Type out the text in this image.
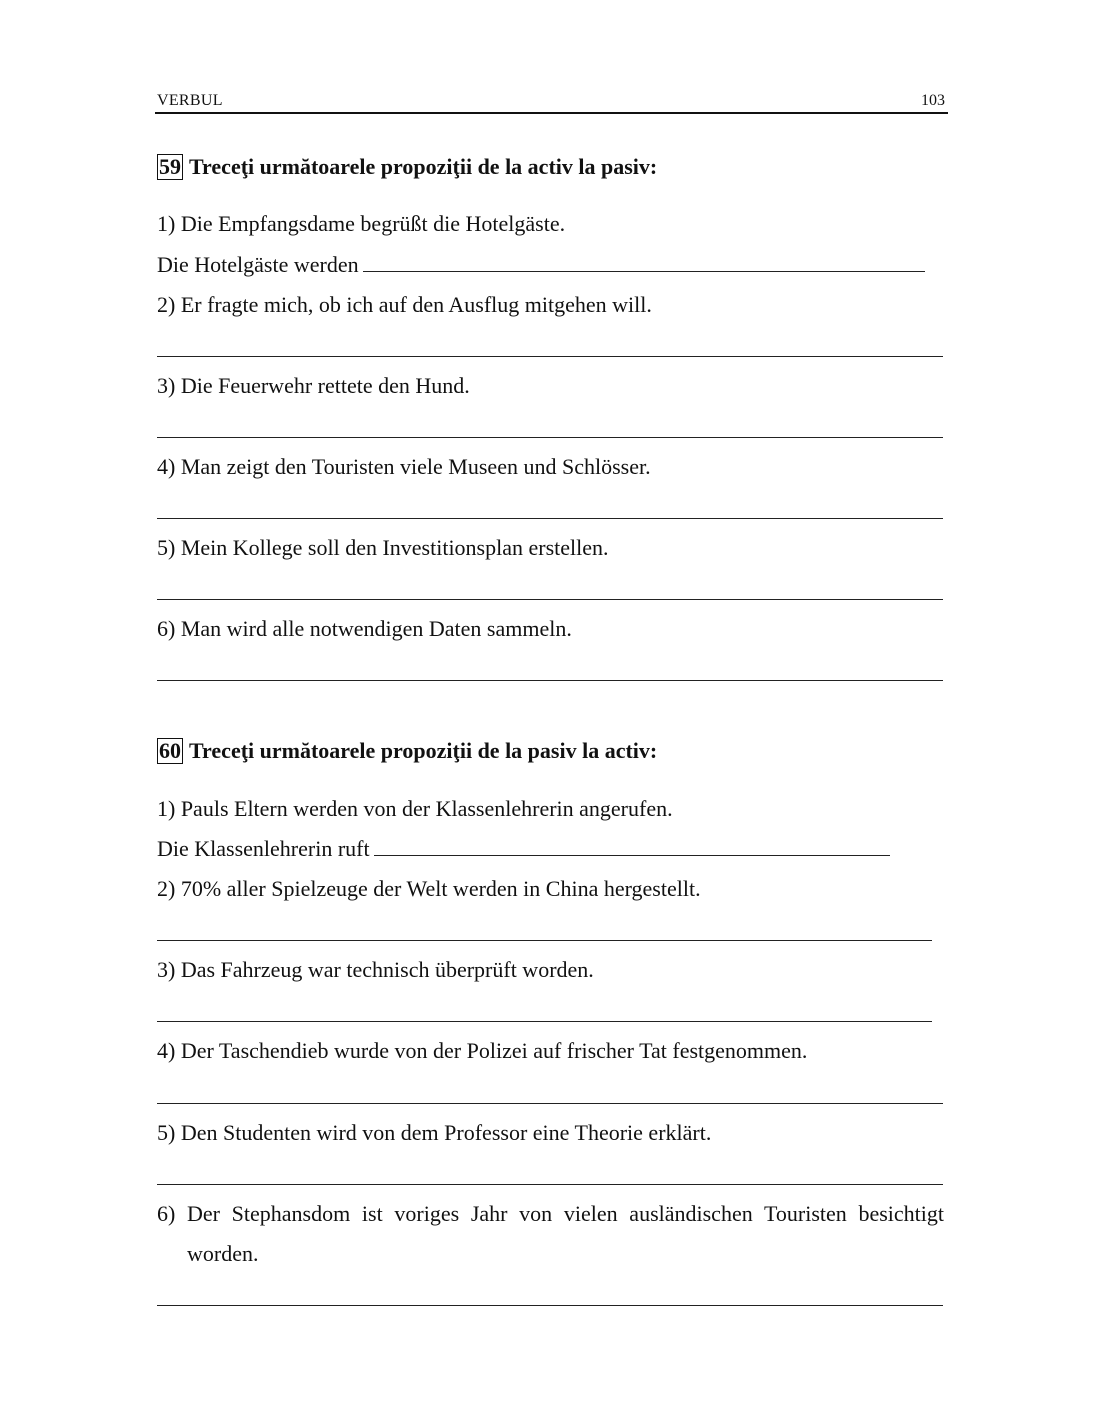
VERBUL	103
59 Treceţi următoarele propoziţii de la activ la pasiv:
1) Die Empfangsdame begrüßt die Hotelgäste.
Die Hotelgäste werden
2) Er fragte mich, ob ich auf den Ausflug mitgehen will.
3) Die Feuerwehr rettete den Hund.
4) Man zeigt den Touristen viele Museen und Schlösser.
5) Mein Kollege soll den Investitionsplan erstellen.
6) Man wird alle notwendigen Daten sammeln.
60 Treceţi următoarele propoziţii de la pasiv la activ:
1) Pauls Eltern werden von der Klassenlehrerin angerufen.
Die Klassenlehrerin ruft
2) 70% aller Spielzeuge der Welt werden in China hergestellt.
3) Das Fahrzeug war technisch überprüft worden.
4) Der Taschendieb wurde von der Polizei auf frischer Tat festgenommen.
5) Den Studenten wird von dem Professor eine Theorie erklärt.
6) Der Stephansdom ist voriges Jahr von vielen ausländischen Touristen besichtigt
worden.
